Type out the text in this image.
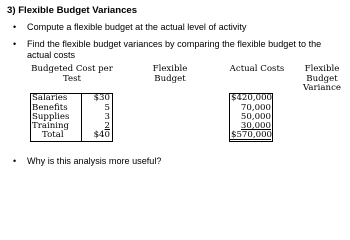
3) Flexible Budget Variances
• Compute a flexible budget at the actual level of activity
• Find the flexible budget variances by comparing the flexible budget to the actual costs
Budgeted Cost per Test
Flexible Budget
Actual Costs	Flexible Budget Variance
Salaries
Benefits
Supplies
Training
Total
$30
5
3
2
$40
$420,000
70,000
50,000
30,000
$570,000
• Why is this analysis more useful?
